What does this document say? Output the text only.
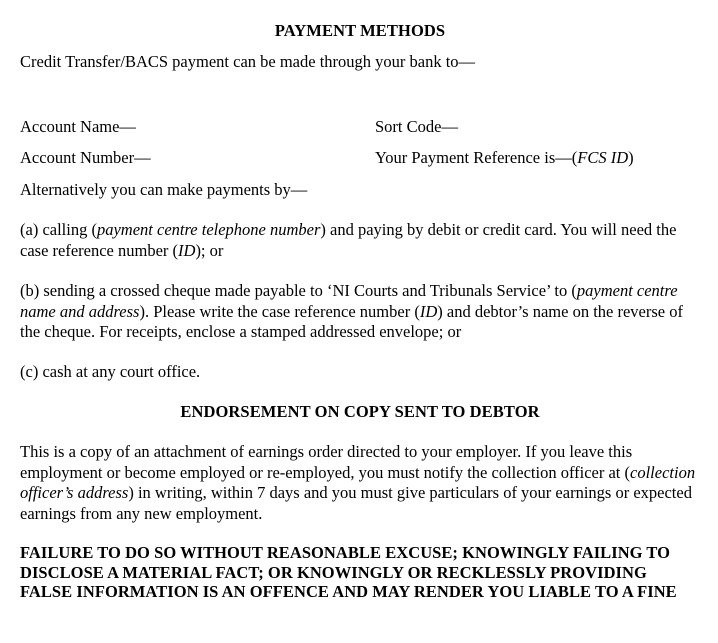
PAYMENT METHODS
Credit Transfer/BACS payment can be made through your bank to—
Account Name—	Sort Code—
Account Number—	Your Payment Reference is—(FCS ID)
Alternatively you can make payments by—
(a) calling (payment centre telephone number) and paying by debit or credit card. You will need the case reference number (ID); or
(b) sending a crossed cheque made payable to ‘NI Courts and Tribunals Service’ to (payment centre name and address). Please write the case reference number (ID) and debtor’s name on the reverse of the cheque. For receipts, enclose a stamped addressed envelope; or
(c) cash at any court office.
ENDORSEMENT ON COPY SENT TO DEBTOR
This is a copy of an attachment of earnings order directed to your employer. If you leave this employment or become employed or re-employed, you must notify the collection officer at (collection officer’s address) in writing, within 7 days and you must give particulars of your earnings or expected earnings from any new employment.
FAILURE TO DO SO WITHOUT REASONABLE EXCUSE; KNOWINGLY FAILING TO DISCLOSE A MATERIAL FACT; OR KNOWINGLY OR RECKLESSLY PROVIDING FALSE INFORMATION IS AN OFFENCE AND MAY RENDER YOU LIABLE TO A FINE
